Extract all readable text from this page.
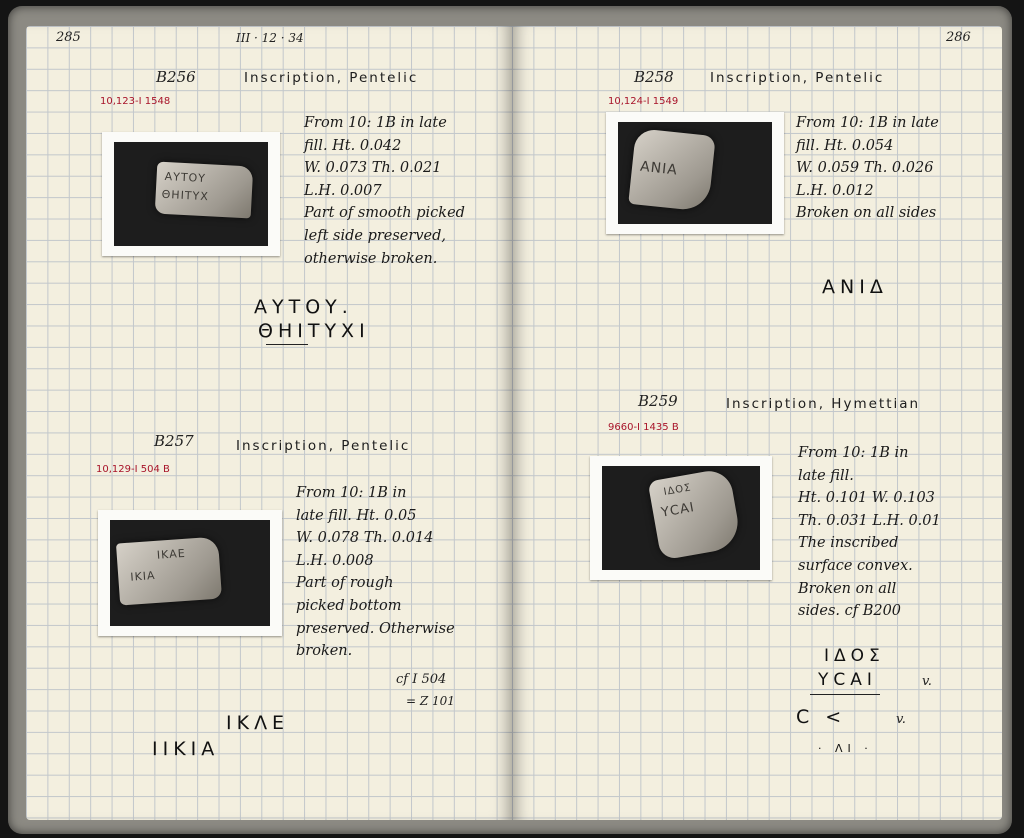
285	III · 12 · 34
B256	Inscription, Pentelic
10,123-I 1548
ΑΥΤΟΥ
ΘΗΙΤΥΧ
From 10: 1B in late
fill. Ht. 0.042
W. 0.073 Th. 0.021
L.H. 0.007
Part of smooth picked
left side preserved,
otherwise broken.
ΑΥΤΟΥ.
ΘΗΙΤΥΧΙ
B257	Inscription, Pentelic
10,129-I 504 B
ΙΚΑΕ
ΙΚΙΑ
From 10: 1B in
late fill. Ht. 0.05
W. 0.078 Th. 0.014
L.H. 0.008
Part of rough
picked bottom
preserved. Otherwise
broken.
cf I 504
= Z 101
ΙΚΛΕ
ΙΙΚΙΑ
286
B258	Inscription, Pentelic
10,124-I 1549
ΑΝΙΑ
From 10: 1B in late
fill. Ht. 0.054
W. 0.059 Th. 0.026
L.H. 0.012
Broken on all sides
ΑΝΙΔ
B259	Inscription, Hymettian
9660-I 1435 B
ΙΔΟΣ
ΥCΑΙ
From 10: 1B in
late fill.
Ht. 0.101 W. 0.103
Th. 0.031 L.H. 0.01
The inscribed
surface convex.
Broken on all
sides. cf B200
ΙΔΟΣ
ΥCΑΙ
C <
· ΛΙ ·
v.
v.
